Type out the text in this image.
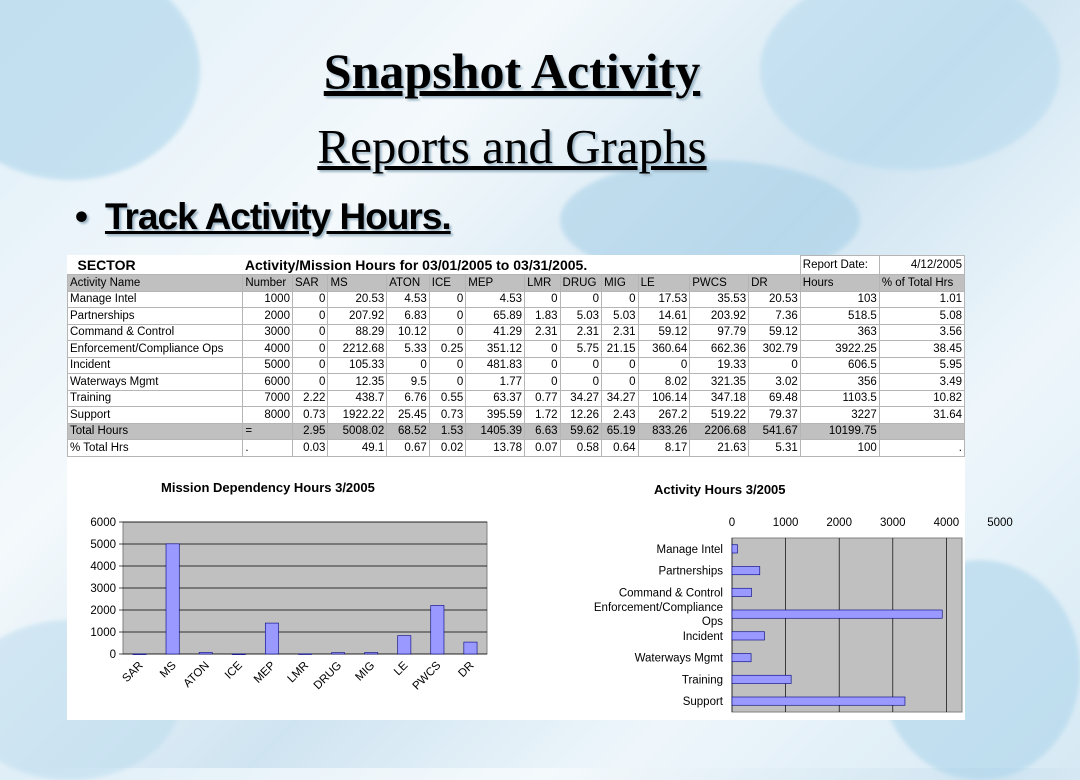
Snapshot Activity
Reports and Graphs
• Track Activity Hours.
SECTOR	Activity/Mission Hours for 03/01/2005 to 03/31/2005.												Report Date:	4/12/2005
Activity Name	Number	SAR	MS	ATON	ICE	MEP	LMR	DRUG	MIG	LE	PWCS	DR	Hours	% of Total Hrs
Manage Intel	1000	0	20.53	4.53	0	4.53	0	0	0	17.53	35.53	20.53	103	1.01
Partnerships	2000	0	207.92	6.83	0	65.89	1.83	5.03	5.03	14.61	203.92	7.36	518.5	5.08
Command & Control	3000	0	88.29	10.12	0	41.29	2.31	2.31	2.31	59.12	97.79	59.12	363	3.56
Enforcement/Compliance Ops	4000	0	2212.68	5.33	0.25	351.12	0	5.75	21.15	360.64	662.36	302.79	3922.25	38.45
Incident	5000	0	105.33	0	0	481.83	0	0	0	0	19.33	0	606.5	5.95
Waterways Mgmt	6000	0	12.35	9.5	0	1.77	0	0	0	8.02	321.35	3.02	356	3.49
Training	7000	2.22	438.7	6.76	0.55	63.37	0.77	34.27	34.27	106.14	347.18	69.48	1103.5	10.82
Support	8000	0.73	1922.22	25.45	0.73	395.59	1.72	12.26	2.43	267.2	519.22	79.37	3227	31.64
Total Hours	=	2.95	5008.02	68.52	1.53	1405.39	6.63	59.62	65.19	833.26	2206.68	541.67	10199.75	
% Total Hrs	.	0.03	49.1	0.67	0.02	13.78	0.07	0.58	0.64	8.17	21.63	5.31	100	.
Mission Dependency Hours 3/2005
0
1000
2000
3000
4000
5000
6000
SAR MS ATON ICE MEP LMR DRUG MIG LE PWCS DR
Activity Hours 3/2005
0	1000 2000 3000 4000 5000
Manage Intel
Partnerships
Command & Control
Enforcement/Compliance
Ops
Incident
Waterways Mgmt
Training
Support
